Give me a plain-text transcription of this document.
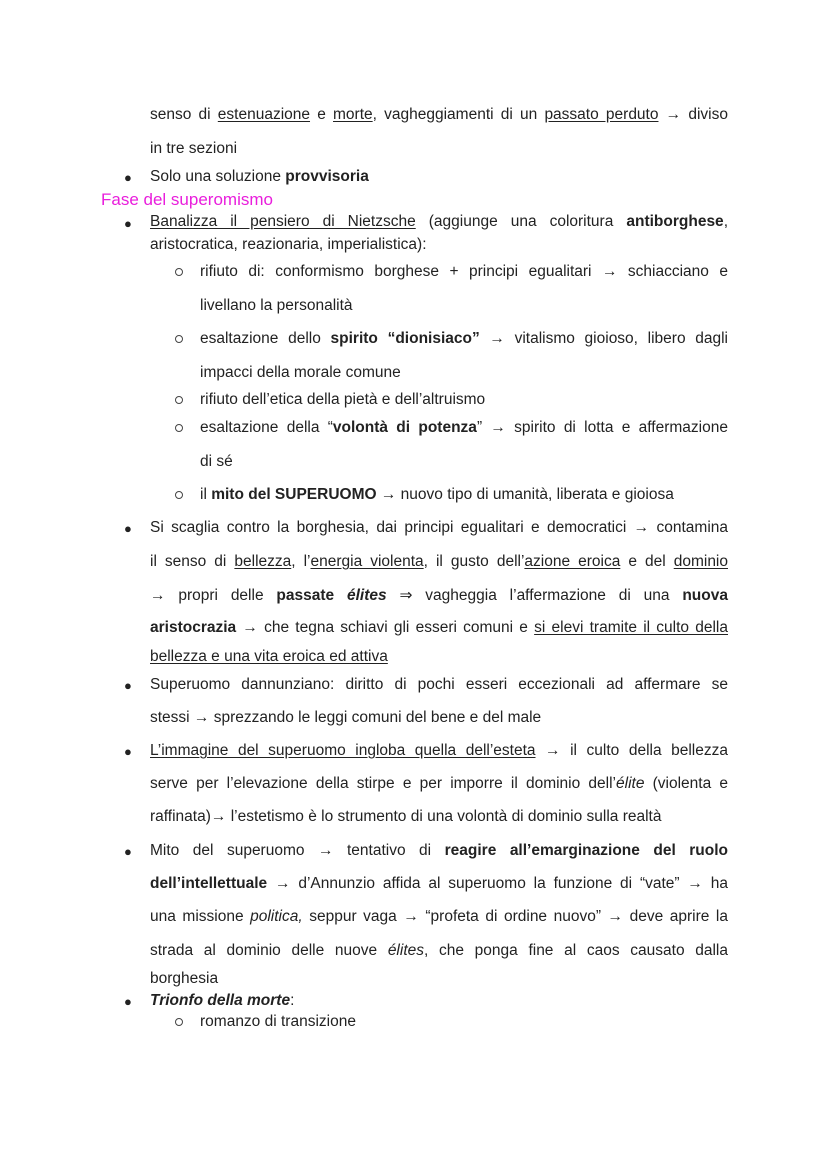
senso di estenuazione e morte, vagheggiamenti di un passato perduto → diviso
in tre sezioni
● Solo una soluzione provvisoria
Fase del superomismo
● Banalizza il pensiero di Nietzsche (aggiunge una coloritura antiborghese,
aristocratica, reazionaria, imperialistica):
rifiuto di: conformismo borghese + principi egualitari → schiacciano e
livellano la personalità
esaltazione dello spirito “dionisiaco” → vitalismo gioioso, libero dagli
impacci della morale comune
rifiuto dell’etica della pietà e dell’altruismo
esaltazione della “volontà di potenza” → spirito di lotta e affermazione
di sé
il mito del SUPERUOMO → nuovo tipo di umanità, liberata e gioiosa
● Si scaglia contro la borghesia, dai principi egualitari e democratici → contamina
il senso di bellezza, l’energia violenta, il gusto dell’azione eroica e del dominio
→ propri delle passate élites ⇒ vagheggia l’affermazione di una nuova
aristocrazia → che tegna schiavi gli esseri comuni e si elevi tramite il culto della
bellezza e una vita eroica ed attiva
● Superuomo dannunziano: diritto di pochi esseri eccezionali ad affermare se
stessi → sprezzando le leggi comuni del bene e del male
● L’immagine del superuomo ingloba quella dell’esteta → il culto della bellezza
serve per l’elevazione della stirpe e per imporre il dominio dell’élite (violenta e
raffinata)→ l’estetismo è lo strumento di una volontà di dominio sulla realtà
● Mito del superuomo → tentativo di reagire all’emarginazione del ruolo
dell’intellettuale → d’Annunzio affida al superuomo la funzione di “vate” → ha
una missione politica, seppur vaga → “profeta di ordine nuovo” → deve aprire la
strada al dominio delle nuove élites, che ponga fine al caos causato dalla
borghesia
● Trionfo della morte:
romanzo di transizione
